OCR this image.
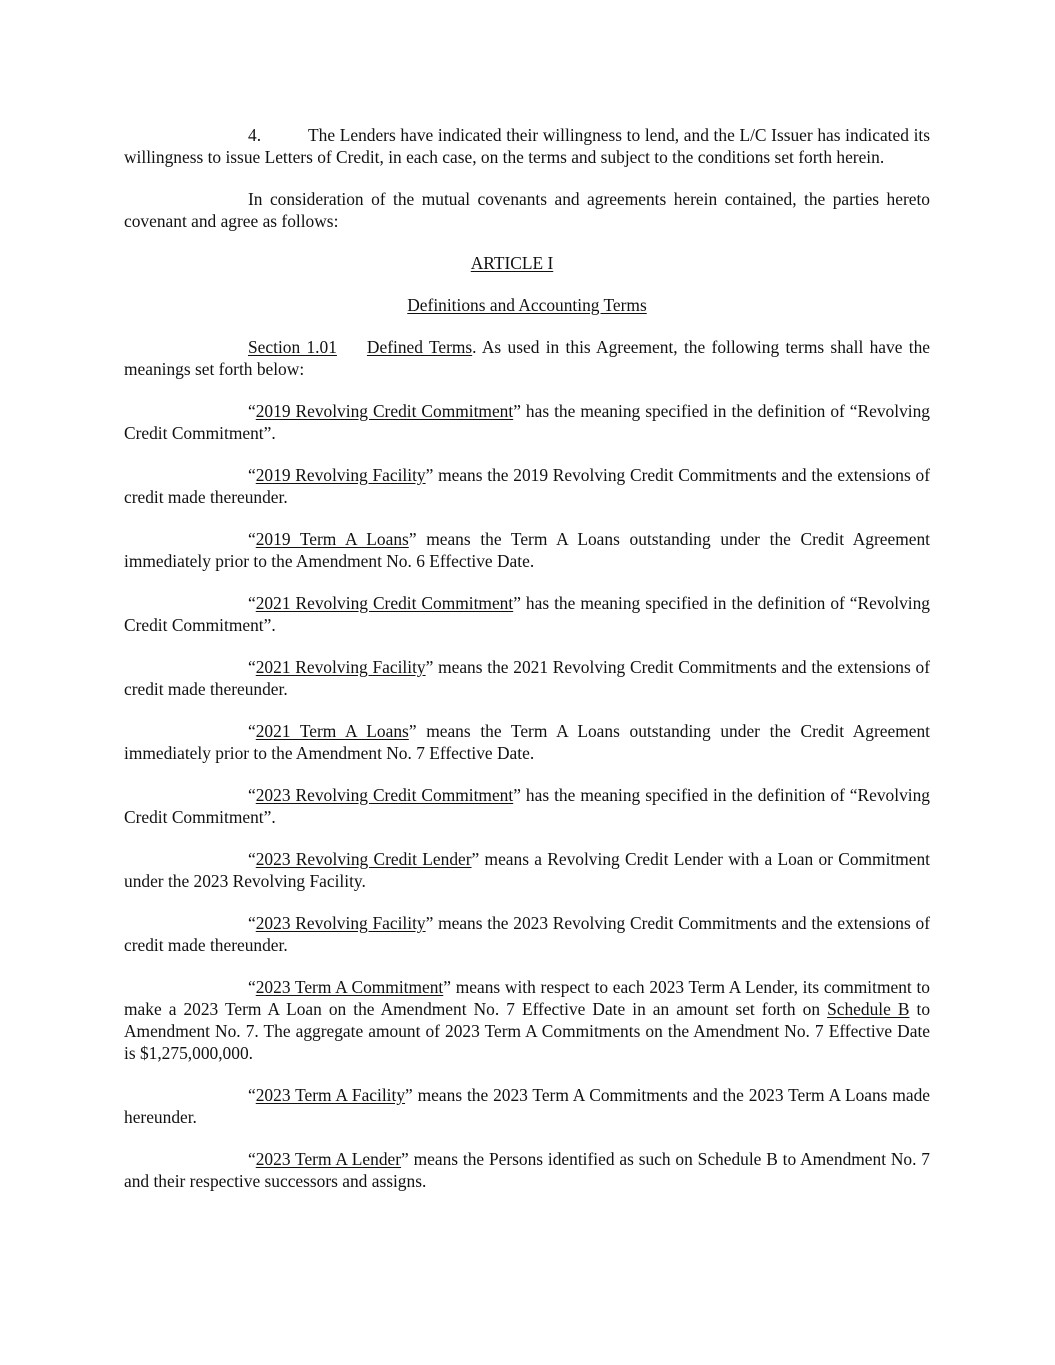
4.	The Lenders have indicated their willingness to lend, and the L/C Issuer has indicated its willingness to issue Letters of Credit, in each case, on the terms and subject to the conditions set forth herein.

In consideration of the mutual covenants and agreements herein contained, the parties hereto covenant and agree as follows:

ARTICLE I

Definitions and Accounting Terms

Section 1.01 Defined Terms. As used in this Agreement, the following terms shall have the meanings set forth below:

“2019 Revolving Credit Commitment” has the meaning specified in the definition of “Revolving Credit Commitment”.

“2019 Revolving Facility” means the 2019 Revolving Credit Commitments and the extensions of credit made thereunder.

“2019 Term A Loans” means the Term A Loans outstanding under the Credit Agreement immediately prior to the Amendment No. 6 Effective Date.

“2021 Revolving Credit Commitment” has the meaning specified in the definition of “Revolving Credit Commitment”.

“2021 Revolving Facility” means the 2021 Revolving Credit Commitments and the extensions of credit made thereunder.

“2021 Term A Loans” means the Term A Loans outstanding under the Credit Agreement immediately prior to the Amendment No. 7 Effective Date.

“2023 Revolving Credit Commitment” has the meaning specified in the definition of “Revolving Credit Commitment”.

“2023 Revolving Credit Lender” means a Revolving Credit Lender with a Loan or Commitment under the 2023 Revolving Facility.

“2023 Revolving Facility” means the 2023 Revolving Credit Commitments and the extensions of credit made thereunder.

“2023 Term A Commitment” means with respect to each 2023 Term A Lender, its commitment to make a 2023 Term A Loan on the Amendment No. 7 Effective Date in an amount set forth on Schedule B to Amendment No. 7. The aggregate amount of 2023 Term A Commitments on the Amendment No. 7 Effective Date is $1,275,000,000.

“2023 Term A Facility” means the 2023 Term A Commitments and the 2023 Term A Loans made hereunder.

“2023 Term A Lender” means the Persons identified as such on Schedule B to Amendment No. 7 and their respective successors and assigns.
